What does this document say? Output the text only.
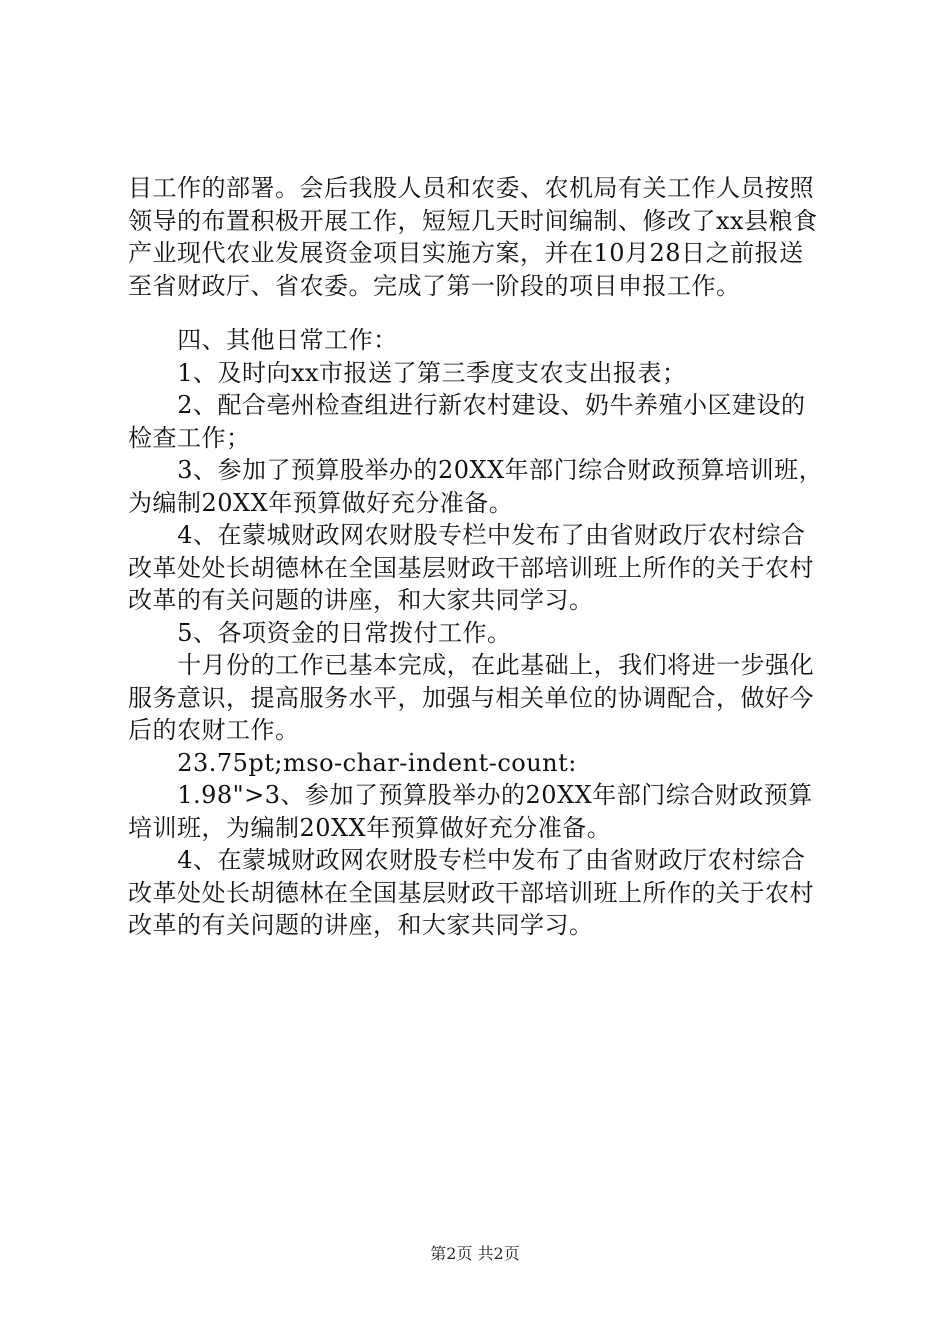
目工作的部署。会后我股人员和农委、农机局有关工作人员按照领导的布置积极开展工作，短短几天时间编制、修改了xx县粮食产业现代农业发展资金项目实施方案，并在10月28日之前报送至省财政厅、省农委。完成了第一阶段的项目申报工作。

四、其他日常工作：

1、及时向xx市报送了第三季度支农支出报表；

2、配合亳州检查组进行新农村建设、奶牛养殖小区建设的检查工作；

3、参加了预算股举办的20XX年部门综合财政预算培训班，为编制20XX年预算做好充分准备。

4、在蒙城财政网农财股专栏中发布了由省财政厅农村综合改革处处长胡德林在全国基层财政干部培训班上所作的关于农村改革的有关问题的讲座，和大家共同学习。

5、各项资金的日常拨付工作。

十月份的工作已基本完成，在此基础上，我们将进一步强化服务意识，提高服务水平，加强与相关单位的协调配合，做好今后的农财工作。

23.75pt;mso-char-indent-count:

1.98">3、参加了预算股举办的20XX年部门综合财政预算培训班，为编制20XX年预算做好充分准备。

4、在蒙城财政网农财股专栏中发布了由省财政厅农村综合改革处处长胡德林在全国基层财政干部培训班上所作的关于农村改革的有关问题的讲座，和大家共同学习。

第2页 共2页
